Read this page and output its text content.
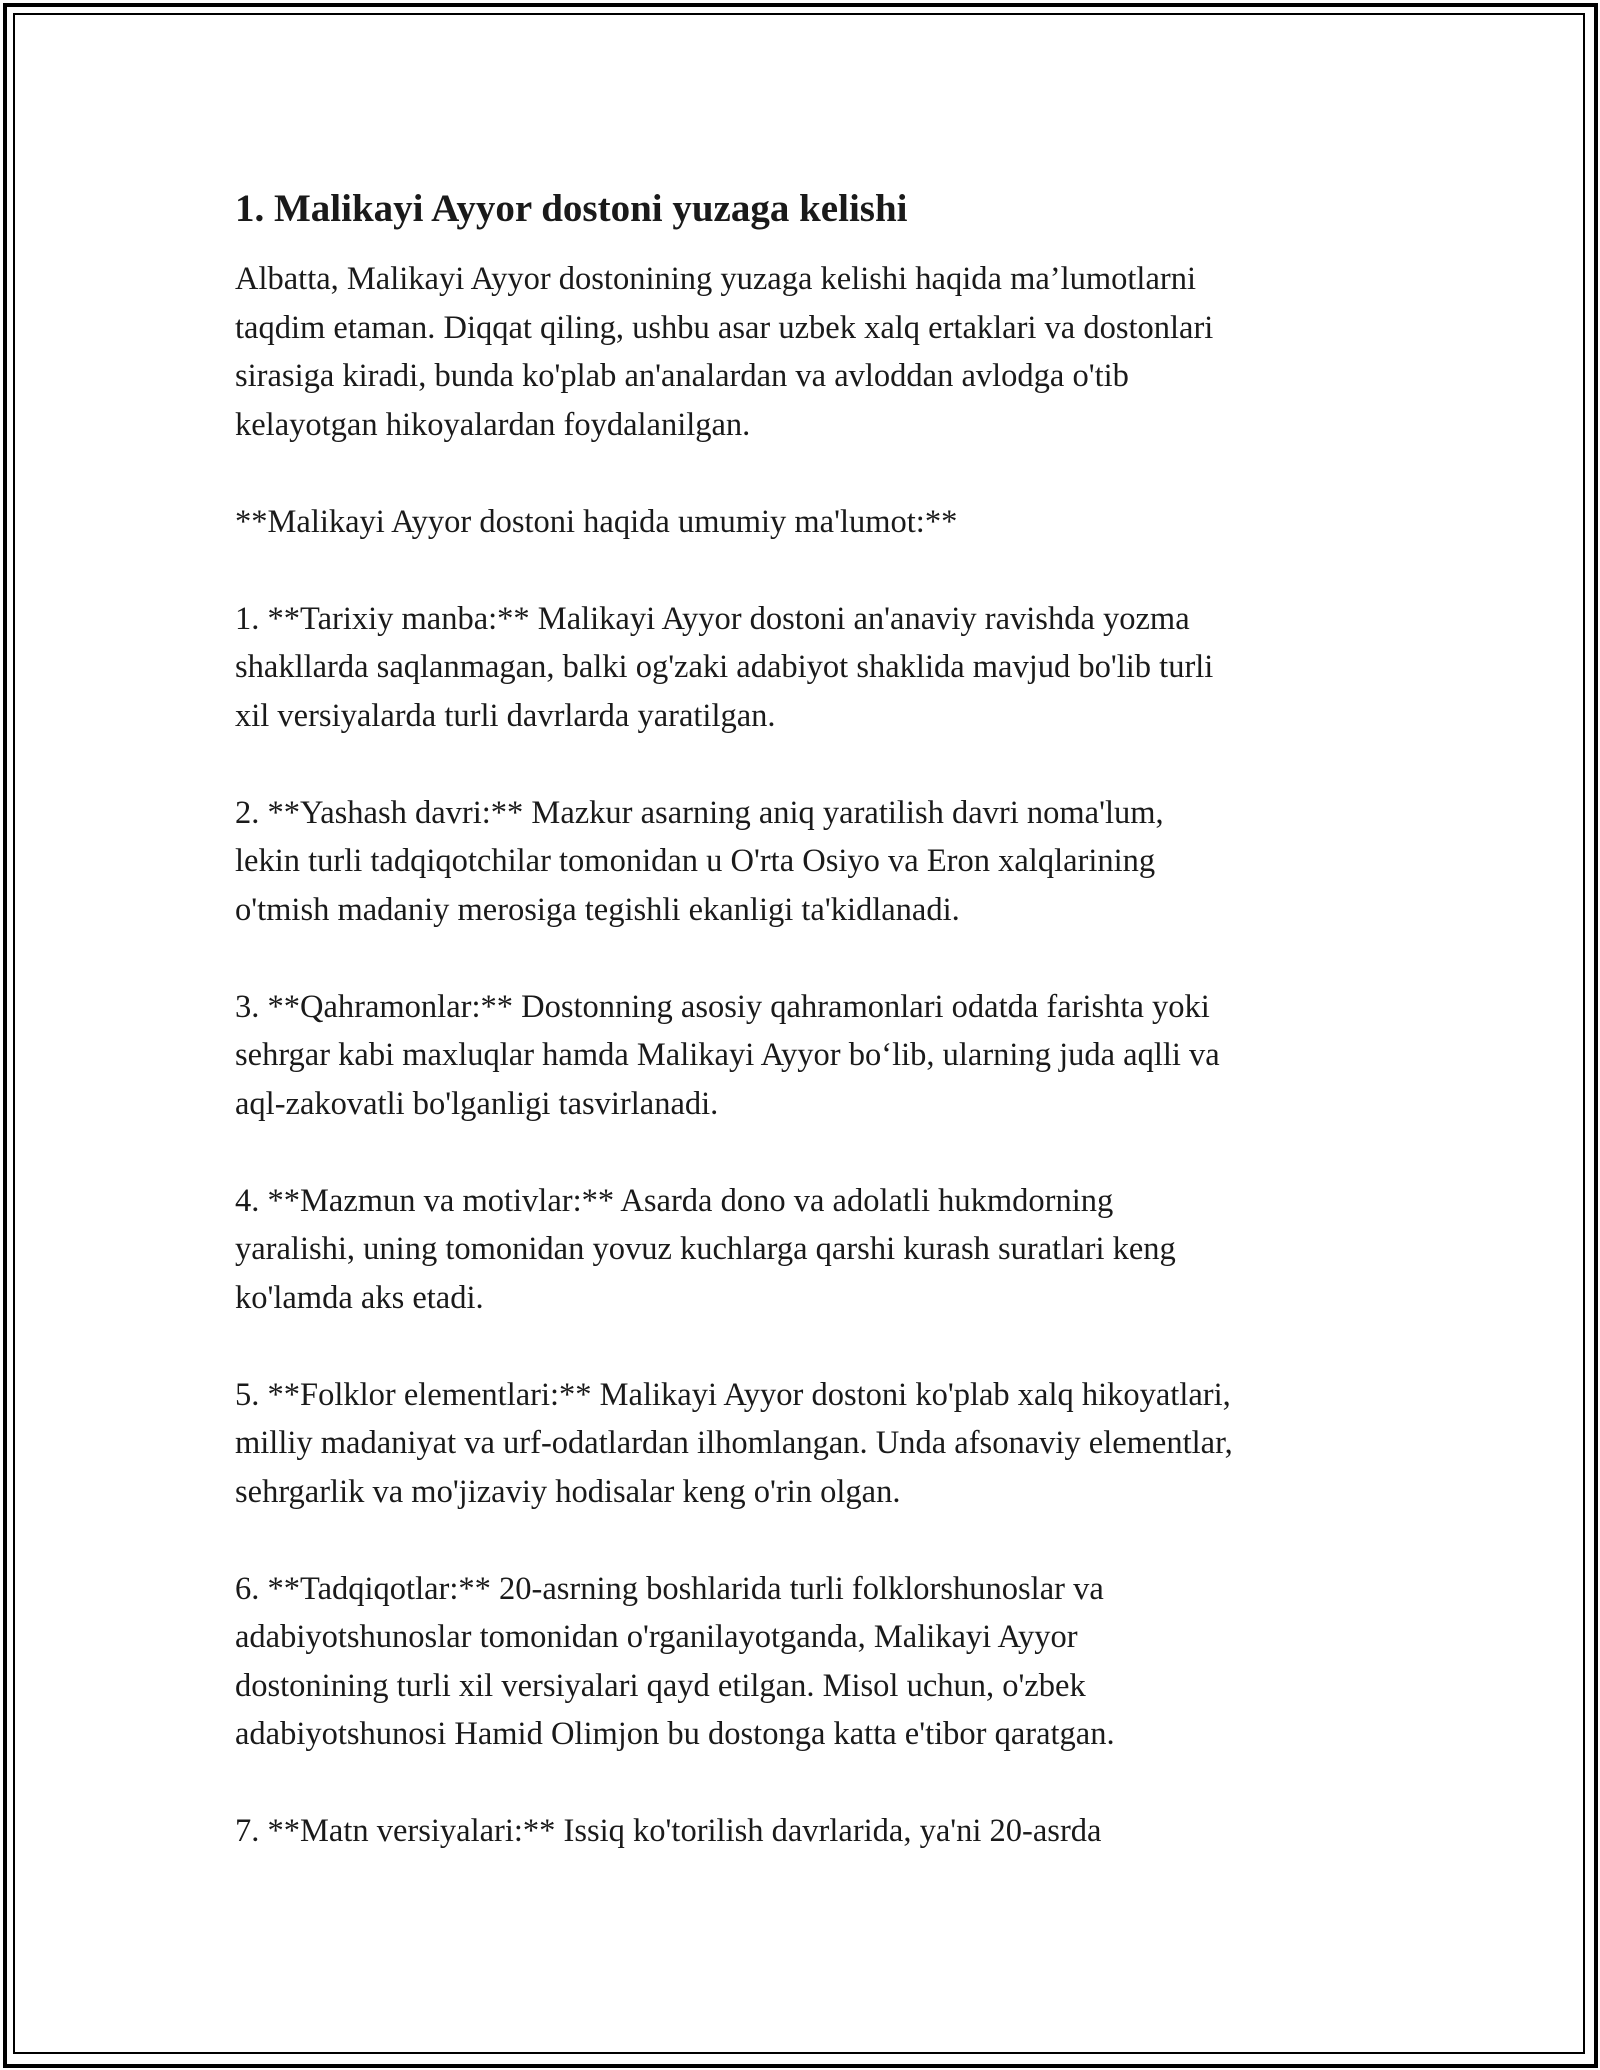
1. Malikayi Ayyor dostoni yuzaga kelishi

Albatta, Malikayi Ayyor dostonining yuzaga kelishi haqida ma’lumotlarni
taqdim etaman. Diqqat qiling, ushbu asar uzbek xalq ertaklari va dostonlari
sirasiga kiradi, bunda ko'plab an'analardan va avloddan avlodga o'tib
kelayotgan hikoyalardan foydalanilgan.

**Malikayi Ayyor dostoni haqida umumiy ma'lumot:**

1. **Tarixiy manba:** Malikayi Ayyor dostoni an'anaviy ravishda yozma
shakllarda saqlanmagan, balki og'zaki adabiyot shaklida mavjud bo'lib turli
xil versiyalarda turli davrlarda yaratilgan.

2. **Yashash davri:** Mazkur asarning aniq yaratilish davri noma'lum,
lekin turli tadqiqotchilar tomonidan u O'rta Osiyo va Eron xalqlarining
o'tmish madaniy merosiga tegishli ekanligi ta'kidlanadi.

3. **Qahramonlar:** Dostonning asosiy qahramonlari odatda farishta yoki
sehrgar kabi maxluqlar hamda Malikayi Ayyor bo‘lib, ularning juda aqlli va
aql-zakovatli bo'lganligi tasvirlanadi.

4. **Mazmun va motivlar:** Asarda dono va adolatli hukmdorning
yaralishi, uning tomonidan yovuz kuchlarga qarshi kurash suratlari keng
ko'lamda aks etadi.

5. **Folklor elementlari:** Malikayi Ayyor dostoni ko'plab xalq hikoyatlari,
milliy madaniyat va urf-odatlardan ilhomlangan. Unda afsonaviy elementlar,
sehrgarlik va mo'jizaviy hodisalar keng o'rin olgan.

6. **Tadqiqotlar:** 20-asrning boshlarida turli folklorshunoslar va
adabiyotshunoslar tomonidan o'rganilayotganda, Malikayi Ayyor
dostonining turli xil versiyalari qayd etilgan. Misol uchun, o'zbek
adabiyotshunosi Hamid Olimjon bu dostonga katta e'tibor qaratgan.

7. **Matn versiyalari:** Issiq ko'torilish davrlarida, ya'ni 20-asrda
